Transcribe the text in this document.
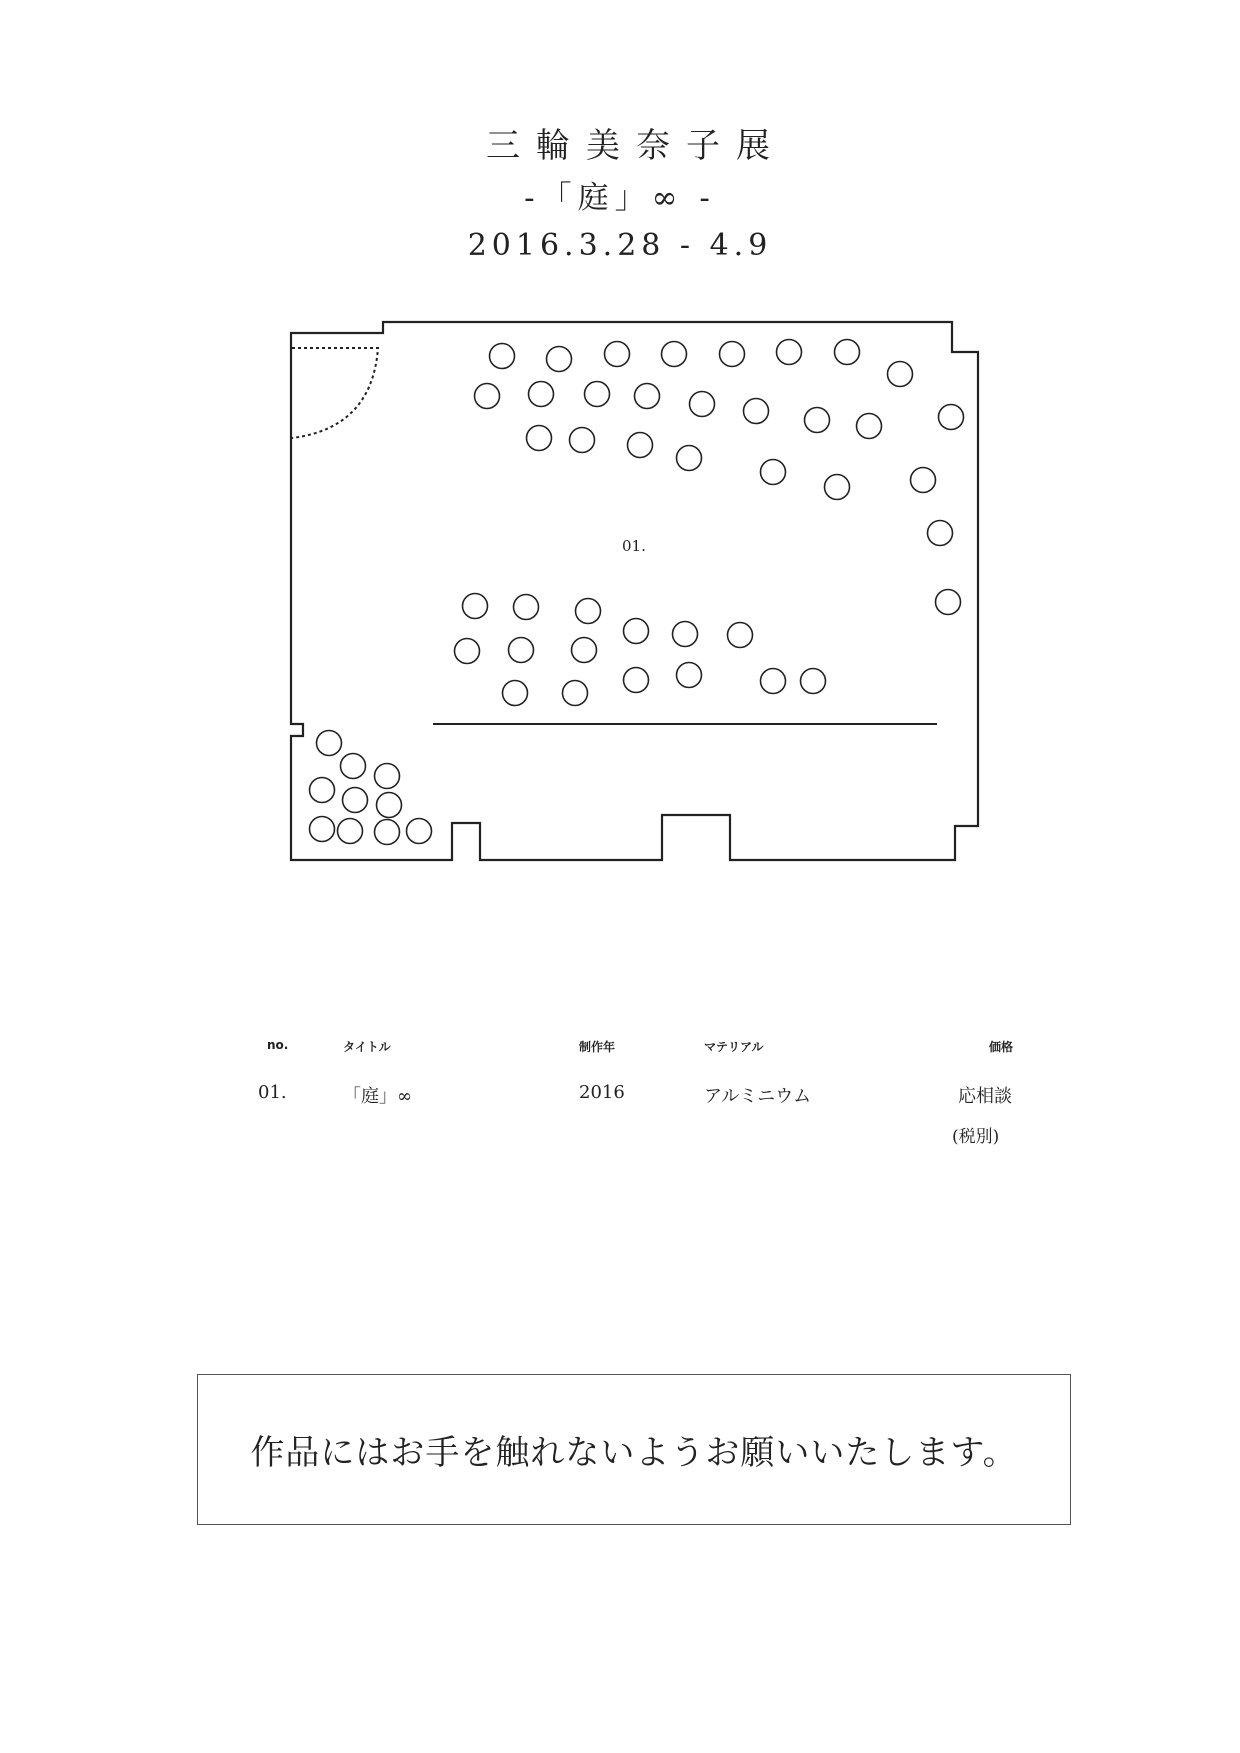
三輪美奈子展
-「庭」∞ -
2016.3.28 - 4.9
01.
no.	タイトル	制作年	マテリアル	価格
01.	「庭」∞	2016	アルミニウム	応相談
(税別)
作品にはお手を触れないようお願いいたします。
